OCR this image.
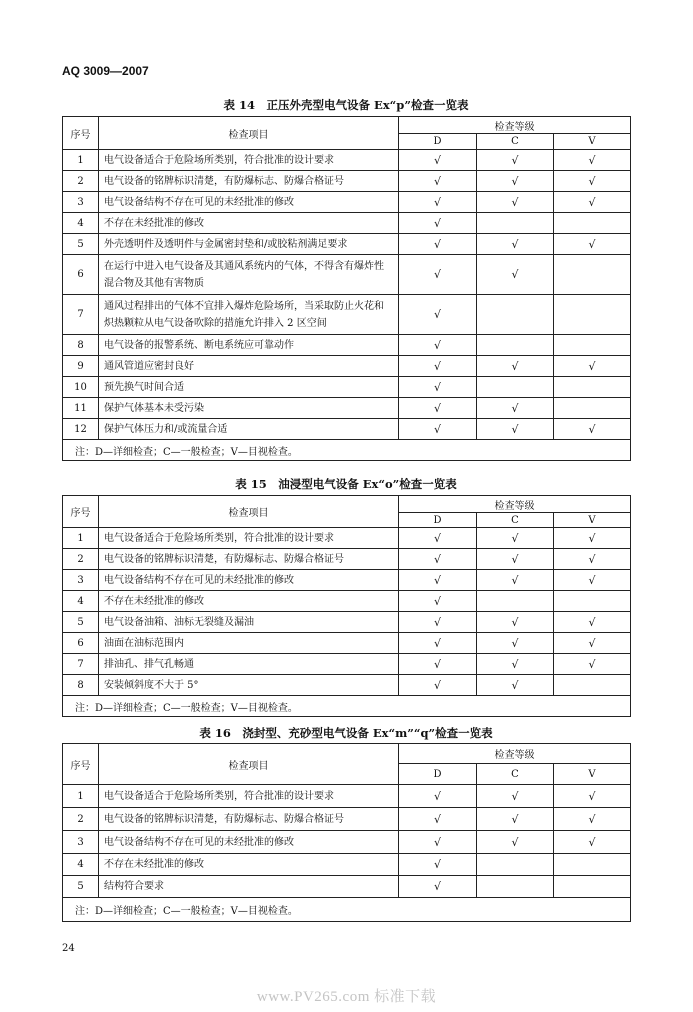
AQ 3009—2007
表 14　正压外壳型电气设备 Ex“p”检查一览表
序号	检查项目	检查等级		
		D	C	V
1	电气设备适合于危险场所类别，符合批准的设计要求	√	√	√
2	电气设备的铭牌标识清楚，有防爆标志、防爆合格证号	√	√	√
3	电气设备结构不存在可见的未经批准的修改	√	√	√
4	不存在未经批准的修改	√		
5	外壳透明件及透明件与金属密封垫和/或胶粘剂满足要求	√	√	√
6	在运行中进入电气设备及其通风系统内的气体，不得含有爆炸性混合物及其他有害物质	√	√	
7	通风过程排出的气体不宜排入爆炸危险场所，当采取防止火花和炽热颗粒从电气设备吹除的措施允许排入 2 区空间	√		
8	电气设备的报警系统、断电系统应可靠动作	√		
9	通风管道应密封良好	√	√	√
10	预先换气时间合适	√		
11	保护气体基本未受污染	√	√	
12	保护气体压力和/或流量合适	√	√	√
注：D—详细检查；C—一般检查；V—目视检查。				
表 15　油浸型电气设备 Ex“o”检查一览表
序号	检查项目	检查等级		
		D	C	V
1	电气设备适合于危险场所类别，符合批准的设计要求	√	√	√
2	电气设备的铭牌标识清楚，有防爆标志、防爆合格证号	√	√	√
3	电气设备结构不存在可见的未经批准的修改	√	√	√
4	不存在未经批准的修改	√		
5	电气设备油箱、油标无裂缝及漏油	√	√	√
6	油面在油标范围内	√	√	√
7	排油孔、排气孔畅通	√	√	√
8	安装倾斜度不大于 5°	√	√	
注：D—详细检查；C—一般检查；V—目视检查。				
表 16　浇封型、充砂型电气设备 Ex“m”“q”检查一览表
序号	检查项目	检查等级		
		D	C	V
1	电气设备适合于危险场所类别，符合批准的设计要求	√	√	√
2	电气设备的铭牌标识清楚，有防爆标志、防爆合格证号	√	√	√
3	电气设备结构不存在可见的未经批准的修改	√	√	√
4	不存在未经批准的修改	√		
5	结构符合要求	√		
注：D—详细检查；C—一般检查；V—目视检查。				
24
www.PV265.com 标准下载
